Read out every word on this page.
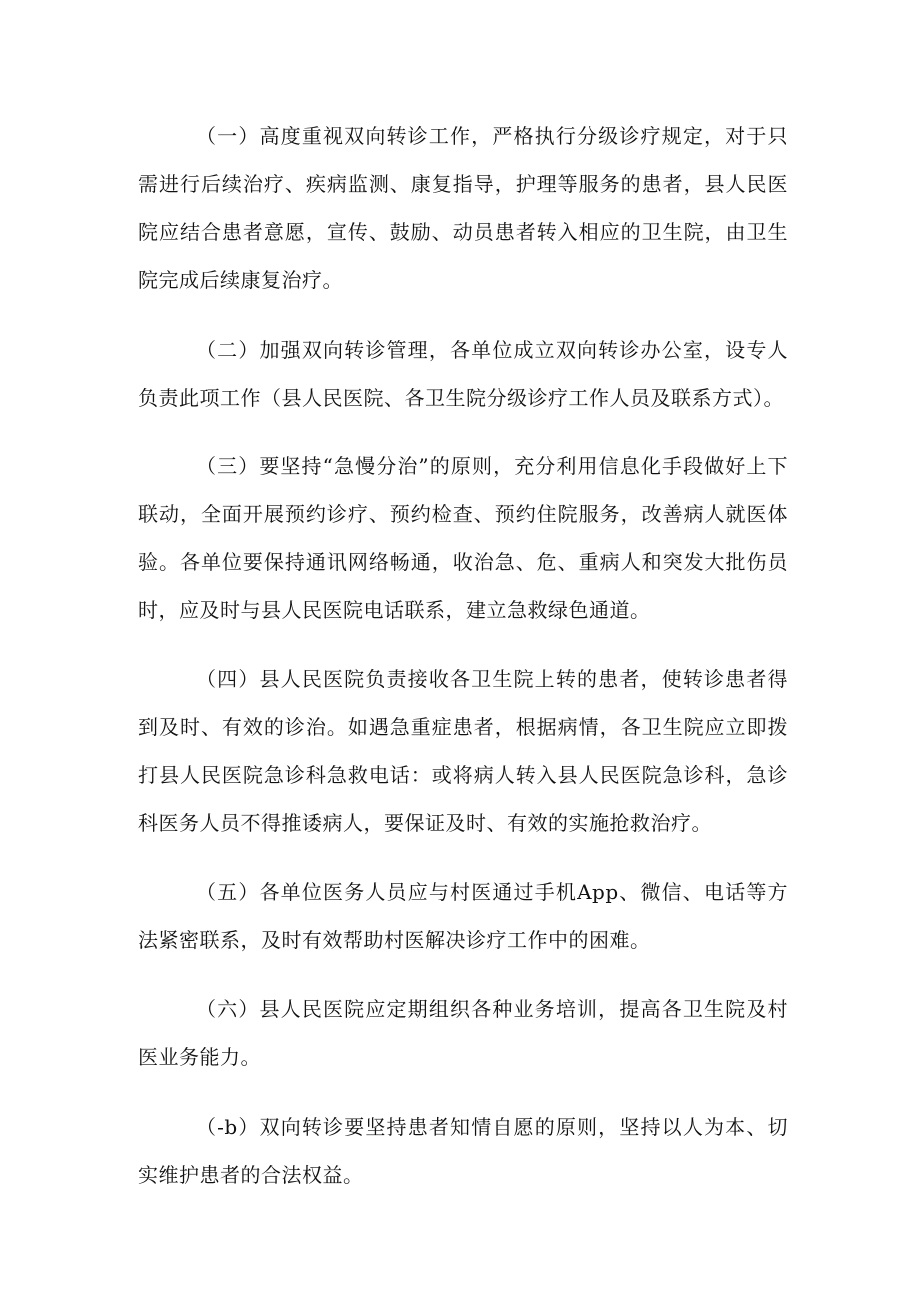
（一）高度重视双向转诊工作，严格执行分级诊疗规定，对于只需进行后续治疗、疾病监测、康复指导，护理等服务的患者，县人民医院应结合患者意愿，宣传、鼓励、动员患者转入相应的卫生院，由卫生院完成后续康复治疗。

（二）加强双向转诊管理，各单位成立双向转诊办公室，设专人负责此项工作（县人民医院、各卫生院分级诊疗工作人员及联系方式）。

（三）要坚持“急慢分治”的原则，充分利用信息化手段做好上下联动，全面开展预约诊疗、预约检查、预约住院服务，改善病人就医体验。各单位要保持通讯网络畅通，收治急、危、重病人和突发大批伤员时，应及时与县人民医院电话联系，建立急救绿色通道。

（四）县人民医院负责接收各卫生院上转的患者，使转诊患者得到及时、有效的诊治。如遇急重症患者，根据病情，各卫生院应立即拨打县人民医院急诊科急救电话：或将病人转入县人民医院急诊科，急诊科医务人员不得推诿病人，要保证及时、有效的实施抢救治疗。

（五）各单位医务人员应与村医通过手机App、微信、电话等方法紧密联系，及时有效帮助村医解决诊疗工作中的困难。

（六）县人民医院应定期组织各种业务培训，提高各卫生院及村医业务能力。

（-b）双向转诊要坚持患者知情自愿的原则，坚持以人为本、切实维护患者的合法权益。
